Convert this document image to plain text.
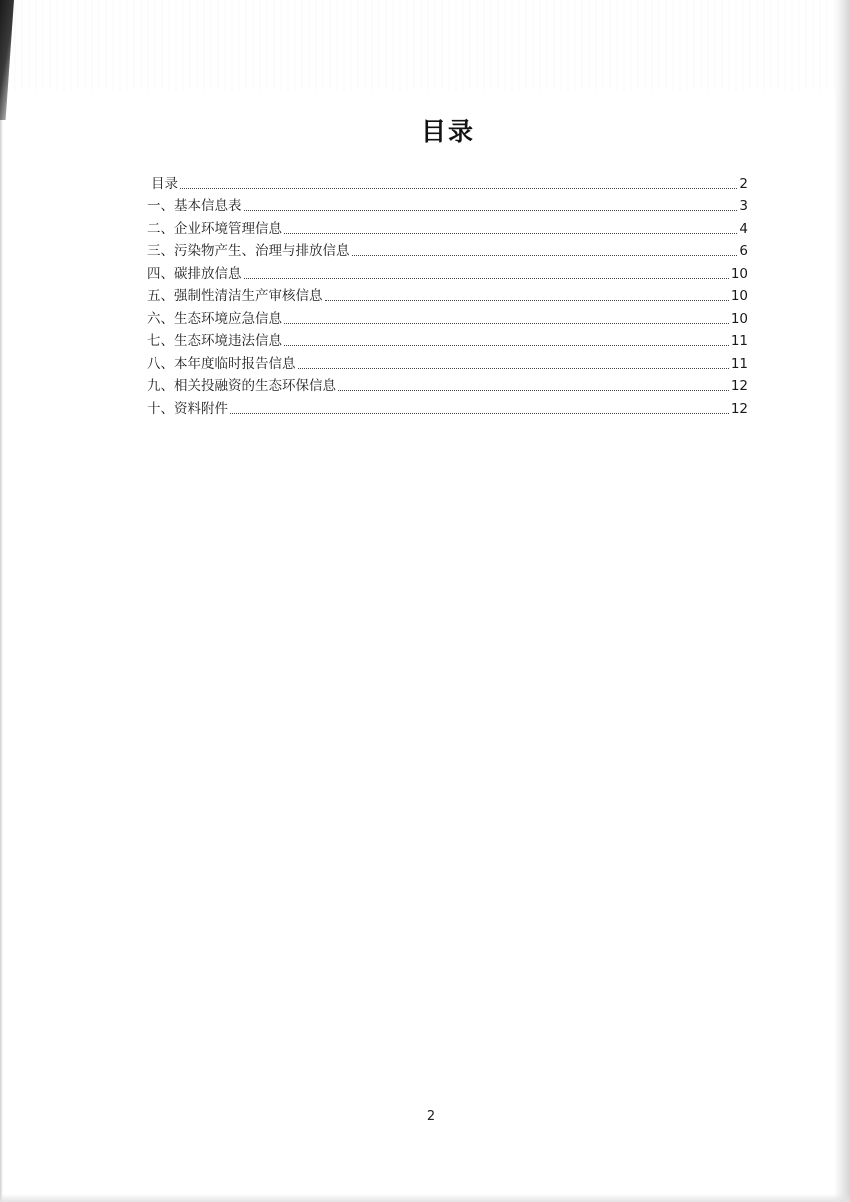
目录
目录	2
一、基本信息表	3
二、企业环境管理信息	4
三、污染物产生、治理与排放信息	6
四、碳排放信息	10
五、强制性清洁生产审核信息	10
六、生态环境应急信息	10
七、生态环境违法信息	11
八、本年度临时报告信息	11
九、相关投融资的生态环保信息	12
十、资料附件	12
2
